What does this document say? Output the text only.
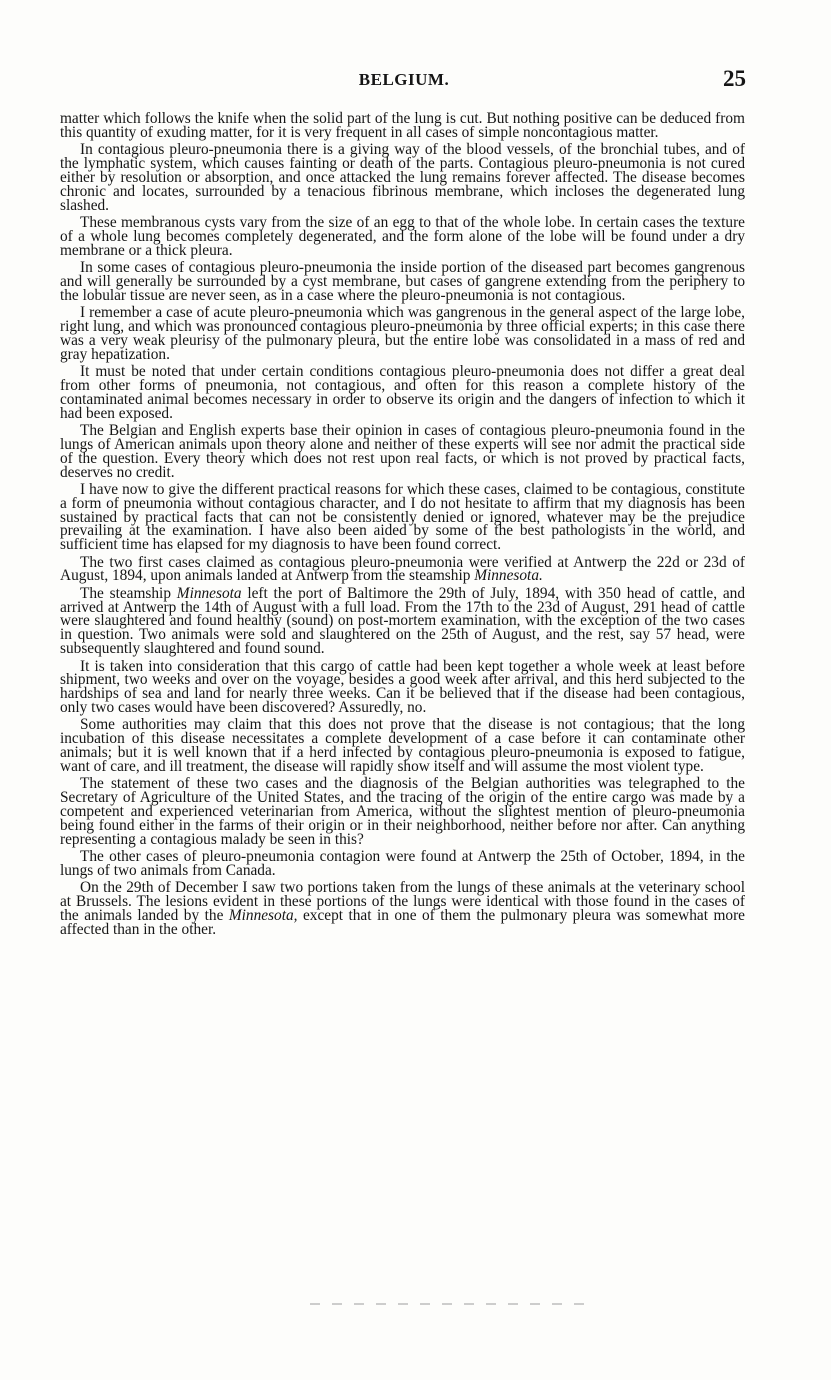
BELGIUM.	25

matter which follows the knife when the solid part of the lung is cut. But nothing positive can be deduced from this quantity of exuding matter, for it is very frequent in all cases of simple noncontagious matter.

In contagious pleuro-pneumonia there is a giving way of the blood vessels, of the bronchial tubes, and of the lymphatic system, which causes fainting or death of the parts. Contagious pleuro-pneumonia is not cured either by resolution or absorption, and once attacked the lung remains forever affected. The disease becomes chronic and locates, surrounded by a tenacious fibrinous membrane, which incloses the degenerated lung slashed.

These membranous cysts vary from the size of an egg to that of the whole lobe. In certain cases the texture of a whole lung becomes completely degenerated, and the form alone of the lobe will be found under a dry membrane or a thick pleura.

In some cases of contagious pleuro-pneumonia the inside portion of the diseased part becomes gangrenous and will generally be surrounded by a cyst membrane, but cases of gangrene extending from the periphery to the lobular tissue are never seen, as in a case where the pleuro-pneumonia is not contagious.

I remember a case of acute pleuro-pneumonia which was gangrenous in the general aspect of the large lobe, right lung, and which was pronounced contagious pleuro-pneumonia by three official experts; in this case there was a very weak pleurisy of the pulmonary pleura, but the entire lobe was consolidated in a mass of red and gray hepatization.

It must be noted that under certain conditions contagious pleuro-pneumonia does not differ a great deal from other forms of pneumonia, not contagious, and often for this reason a complete history of the contaminated animal becomes necessary in order to observe its origin and the dangers of infection to which it had been exposed.

The Belgian and English experts base their opinion in cases of contagious pleuro-pneumonia found in the lungs of American animals upon theory alone and neither of these experts will see nor admit the practical side of the question. Every theory which does not rest upon real facts, or which is not proved by practical facts, deserves no credit.

I have now to give the different practical reasons for which these cases, claimed to be contagious, constitute a form of pneumonia without contagious character, and I do not hesitate to affirm that my diagnosis has been sustained by practical facts that can not be consistently denied or ignored, whatever may be the prejudice prevailing at the examination. I have also been aided by some of the best pathologists in the world, and sufficient time has elapsed for my diagnosis to have been found correct.

The two first cases claimed as contagious pleuro-pneumonia were verified at Antwerp the 22d or 23d of August, 1894, upon animals landed at Antwerp from the steamship Minnesota.

The steamship Minnesota left the port of Baltimore the 29th of July, 1894, with 350 head of cattle, and arrived at Antwerp the 14th of August with a full load. From the 17th to the 23d of August, 291 head of cattle were slaughtered and found healthy (sound) on post-mortem examination, with the exception of the two cases in question. Two animals were sold and slaughtered on the 25th of August, and the rest, say 57 head, were subsequently slaughtered and found sound.

It is taken into consideration that this cargo of cattle had been kept together a whole week at least before shipment, two weeks and over on the voyage, besides a good week after arrival, and this herd subjected to the hardships of sea and land for nearly three weeks. Can it be believed that if the disease had been contagious, only two cases would have been discovered? Assuredly, no.

Some authorities may claim that this does not prove that the disease is not contagious; that the long incubation of this disease necessitates a complete development of a case before it can contaminate other animals; but it is well known that if a herd infected by contagious pleuro-pneumonia is exposed to fatigue, want of care, and ill treatment, the disease will rapidly show itself and will assume the most violent type.

The statement of these two cases and the diagnosis of the Belgian authorities was telegraphed to the Secretary of Agriculture of the United States, and the tracing of the origin of the entire cargo was made by a competent and experienced veterinarian from America, without the slightest mention of pleuro-pneumonia being found either in the farms of their origin or in their neighborhood, neither before nor after. Can anything representing a contagious malady be seen in this?

The other cases of pleuro-pneumonia contagion were found at Antwerp the 25th of October, 1894, in the lungs of two animals from Canada.

On the 29th of December I saw two portions taken from the lungs of these animals at the veterinary school at Brussels. The lesions evident in these portions of the lungs were identical with those found in the cases of the animals landed by the Minnesota, except that in one of them the pulmonary pleura was somewhat more affected than in the other.
